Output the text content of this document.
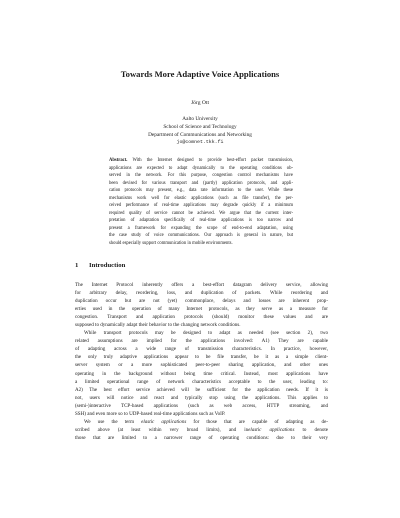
Towards More Adaptive Voice Applications
Jörg Ott
Aalto University
School of Science and Technology
Department of Communications and Networking
jo@comnet.tkk.fi
Abstract. With the Internet designed to provide best-effort packet transmission,
applications are expected to adapt dynamically to the operating conditions ob-
served in the network. For this purpose, congestion control mechanisms have
been devised for various transport and (partly) application protocols, and appli-
cation protocols may present, e.g., data rate information to the user. While these
mechanisms work well for elastic applications (such as file transfer), the per-
ceived performance of real-time applications may degrade quickly if a minimum
required quality of service cannot be achieved. We argue that the current inter-
pretation of adaptation specifically of real-time applications is too narrow and
present a framework for expanding the scope of end-to-end adaptation, using
the case study of voice communications. Our approach is general in nature, but
should especially support communication in mobile environments.
1 Introduction
The Internet Protocol inherently offers a best-effort datagram delivery service, allowing
for arbitrary delay, reordering, loss, and duplication of packets. While reordering and
duplication occur but are not (yet) commonplace, delays and losses are inherent prop-
erties used in the operation of many Internet protocols, as they serve as a measure for
congestion. Transport and application protocols (should) monitor these values and are
supposed to dynamically adapt their behavior to the changing network conditions.
While transport protocols may be designed to adapt as needed (see section 2), two
related assumptions are implied for the applications involved: A1) They are capable
of adapting across a wide range of transmission characteristics. In practice, however,
the only truly adaptive applications appear to be file transfer, be it as a simple client-
server system or a more sophisticated peer-to-peer sharing application, and other ones
operating in the background without being time critical. Instead, most applications have
a limited operational range of network characteristics acceptable to the user, leading to:
A2) The best effort service achieved will be sufficient for the application needs. If it is
not, users will notice and react and typically stop using the applications. This applies to
(semi-)interactive TCP-based applications (such as web access, HTTP streaming, and
SSH) and even more so to UDP-based real-time applications such as VoIP.
We use the term elastic applications for those that are capable of adapting as de-
scribed above (at least within very broad limits), and inelastic applications to denote
those that are limited to a narrower range of operating conditions: due to their very
